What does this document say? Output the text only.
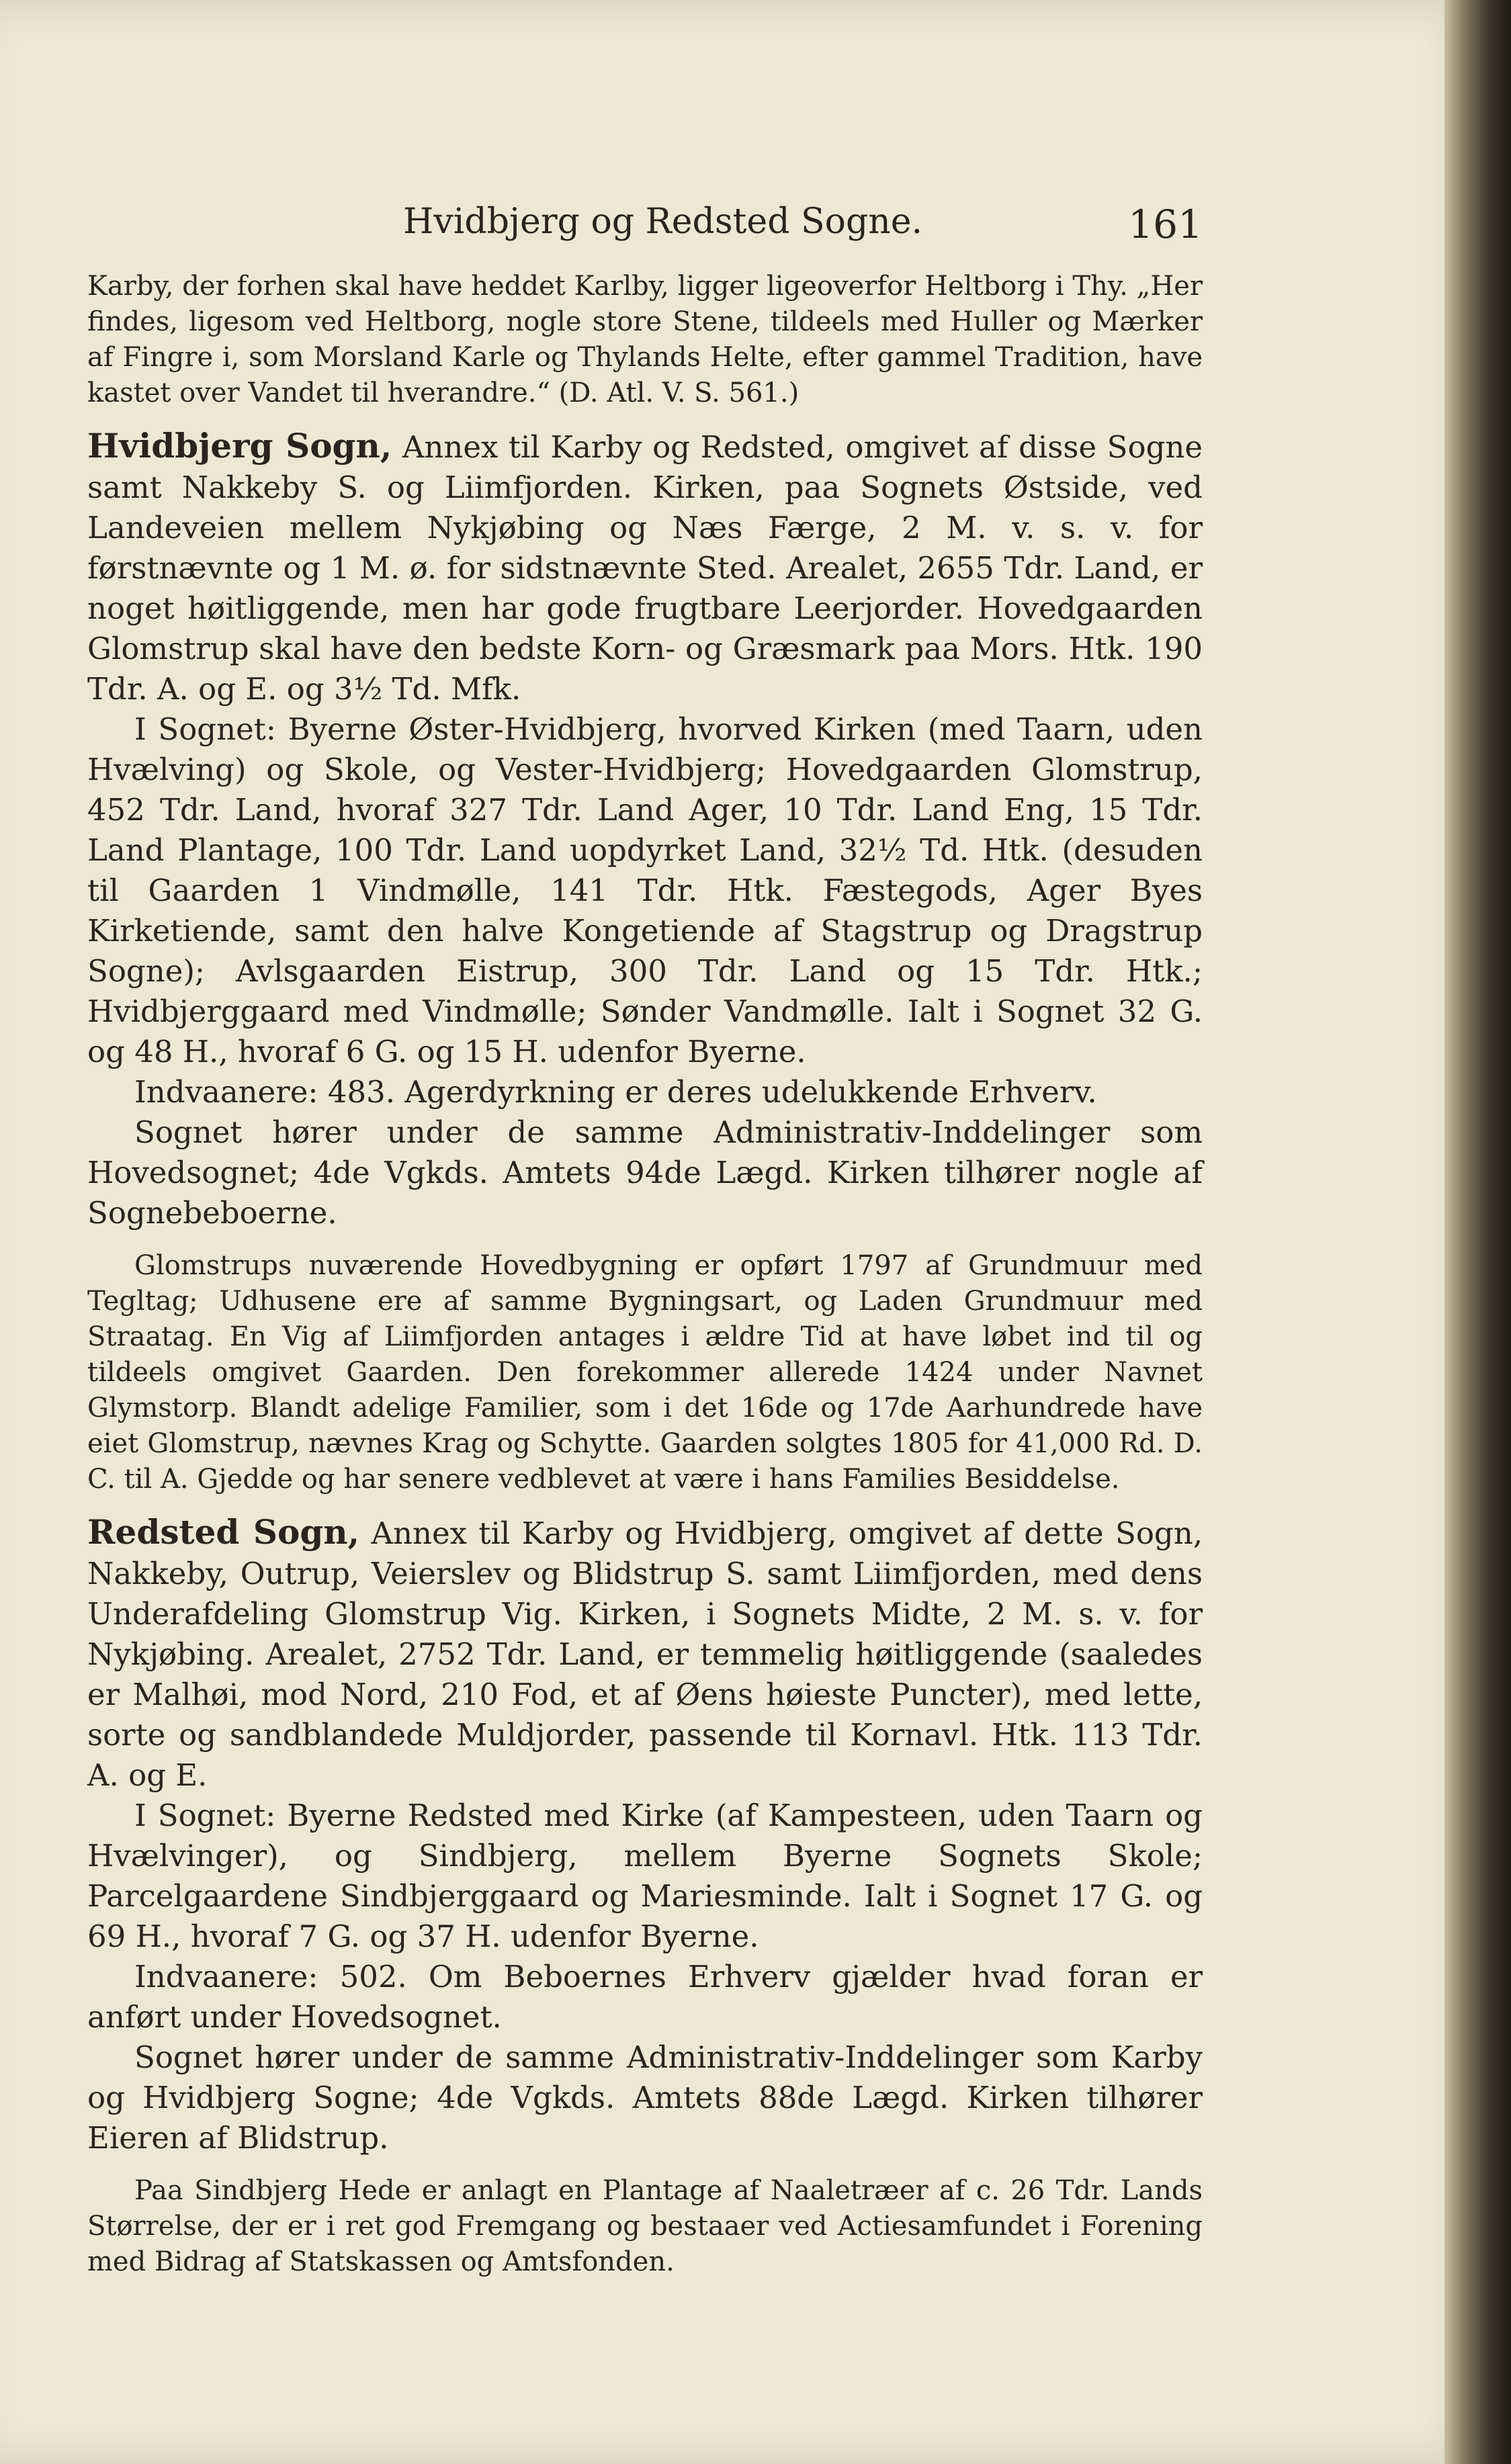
Hvidbjerg og Redsted Sogne.	161

Karby, der forhen skal have heddet Karlby, ligger ligeoverfor Heltborg i Thy. „Her findes, ligesom ved Heltborg, nogle store Stene, tildeels med Huller og Mærker af Fingre i, som Morsland Karle og Thylands Helte, efter gammel Tradition, have kastet over Vandet til hverandre.“ (D. Atl. V. S. 561.)

Hvidbjerg Sogn, Annex til Karby og Redsted, omgivet af disse Sogne samt Nakkeby S. og Liimfjorden. Kirken, paa Sognets Østside, ved Landeveien mellem Nykjøbing og Næs Færge, 2 M. v. s. v. for førstnævnte og 1 M. ø. for sidstnævnte Sted. Arealet, 2655 Tdr. Land, er noget høitliggende, men har gode frugtbare Leerjorder. Hovedgaarden Glomstrup skal have den bedste Korn- og Græsmark paa Mors. Htk. 190 Tdr. A. og E. og 3½ Td. Mfk.

I Sognet: Byerne Øster-Hvidbjerg, hvorved Kirken (med Taarn, uden Hvælving) og Skole, og Vester-Hvidbjerg; Hovedgaarden Glomstrup, 452 Tdr. Land, hvoraf 327 Tdr. Land Ager, 10 Tdr. Land Eng, 15 Tdr. Land Plantage, 100 Tdr. Land uopdyrket Land, 32½ Td. Htk. (desuden til Gaarden 1 Vindmølle, 141 Tdr. Htk. Fæstegods, Ager Byes Kirketiende, samt den halve Kongetiende af Stagstrup og Dragstrup Sogne); Avlsgaarden Eistrup, 300 Tdr. Land og 15 Tdr. Htk.; Hvidbjerggaard med Vindmølle; Sønder Vandmølle. Ialt i Sognet 32 G. og 48 H., hvoraf 6 G. og 15 H. udenfor Byerne.

Indvaanere: 483. Agerdyrkning er deres udelukkende Erhverv.

Sognet hører under de samme Administrativ-Inddelinger som Hovedsognet; 4de Vgkds. Amtets 94de Lægd. Kirken tilhører nogle af Sognebeboerne.

Glomstrups nuværende Hovedbygning er opført 1797 af Grundmuur med Tegltag; Udhusene ere af samme Bygningsart, og Laden Grundmuur med Straatag. En Vig af Liimfjorden antages i ældre Tid at have løbet ind til og tildeels omgivet Gaarden. Den forekommer allerede 1424 under Navnet Glymstorp. Blandt adelige Familier, som i det 16de og 17de Aarhundrede have eiet Glomstrup, nævnes Krag og Schytte. Gaarden solgtes 1805 for 41,000 Rd. D. C. til A. Gjedde og har senere vedblevet at være i hans Families Besiddelse.

Redsted Sogn, Annex til Karby og Hvidbjerg, omgivet af dette Sogn, Nakkeby, Outrup, Veierslev og Blidstrup S. samt Liimfjorden, med dens Underafdeling Glomstrup Vig. Kirken, i Sognets Midte, 2 M. s. v. for Nykjøbing. Arealet, 2752 Tdr. Land, er temmelig høitliggende (saaledes er Malhøi, mod Nord, 210 Fod, et af Øens høieste Puncter), med lette, sorte og sandblandede Muldjorder, passende til Kornavl. Htk. 113 Tdr. A. og E.

I Sognet: Byerne Redsted med Kirke (af Kampesteen, uden Taarn og Hvælvinger), og Sindbjerg, mellem Byerne Sognets Skole; Parcelgaardene Sindbjerggaard og Mariesminde. Ialt i Sognet 17 G. og 69 H., hvoraf 7 G. og 37 H. udenfor Byerne.

Indvaanere: 502. Om Beboernes Erhverv gjælder hvad foran er anført under Hovedsognet.

Sognet hører under de samme Administrativ-Inddelinger som Karby og Hvidbjerg Sogne; 4de Vgkds. Amtets 88de Lægd. Kirken tilhører Eieren af Blidstrup.

Paa Sindbjerg Hede er anlagt en Plantage af Naaletræer af c. 26 Tdr. Lands Størrelse, der er i ret god Fremgang og bestaaer ved Actiesamfundet i Forening med Bidrag af Statskassen og Amtsfonden.
